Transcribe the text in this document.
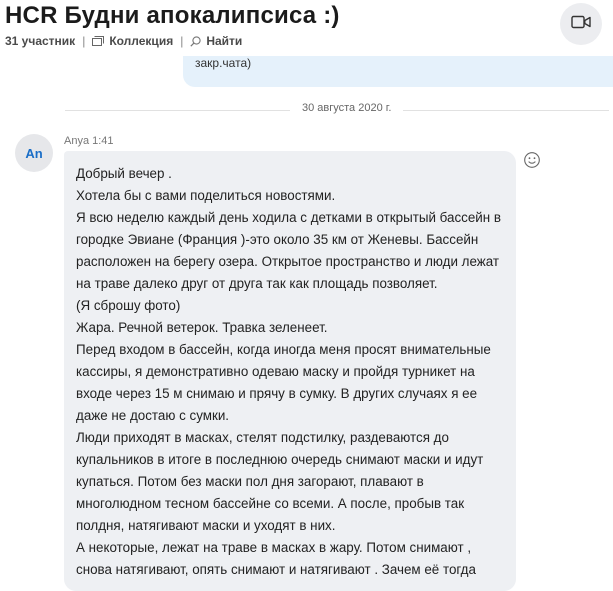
HCR Будни апокалипсиса :)
31 участник | Коллекция | Найти
закр.чата)
30 августа 2020 г.
An
Anya 1:41

Добрый вечер .

Хотела бы с вами поделиться новостями.

Я всю неделю каждый день ходила с детками в открытый бассейн в

городке Эвиане (Франция )-это около 35 км от Женевы. Бассейн

расположен на берегу озера. Открытое пространство и люди лежат

на траве далеко друг от друга так как площадь позволяет.

(Я сброшу фото)

Жара. Речной ветерок. Травка зеленеет.

Перед входом в бассейн, когда иногда меня просят внимательные

кассиры, я демонстративно одеваю маску и пройдя турникет на

входе через 15 м снимаю и прячу в сумку. В других случаях я ее

даже не достаю с сумки.

Люди приходят в масках, стелят подстилку, раздеваются до

купальников в итоге в последнюю очередь снимают маски и идут

купаться. Потом без маски пол дня загорают, плавают в

многолюдном тесном бассейне со всеми. А после, пробыв так

полдня, натягивают маски и уходят в них.

А некоторые, лежат на траве в масках в жару. Потом снимают ,

снова натягивают, опять снимают и натягивают . Зачем её тогда
